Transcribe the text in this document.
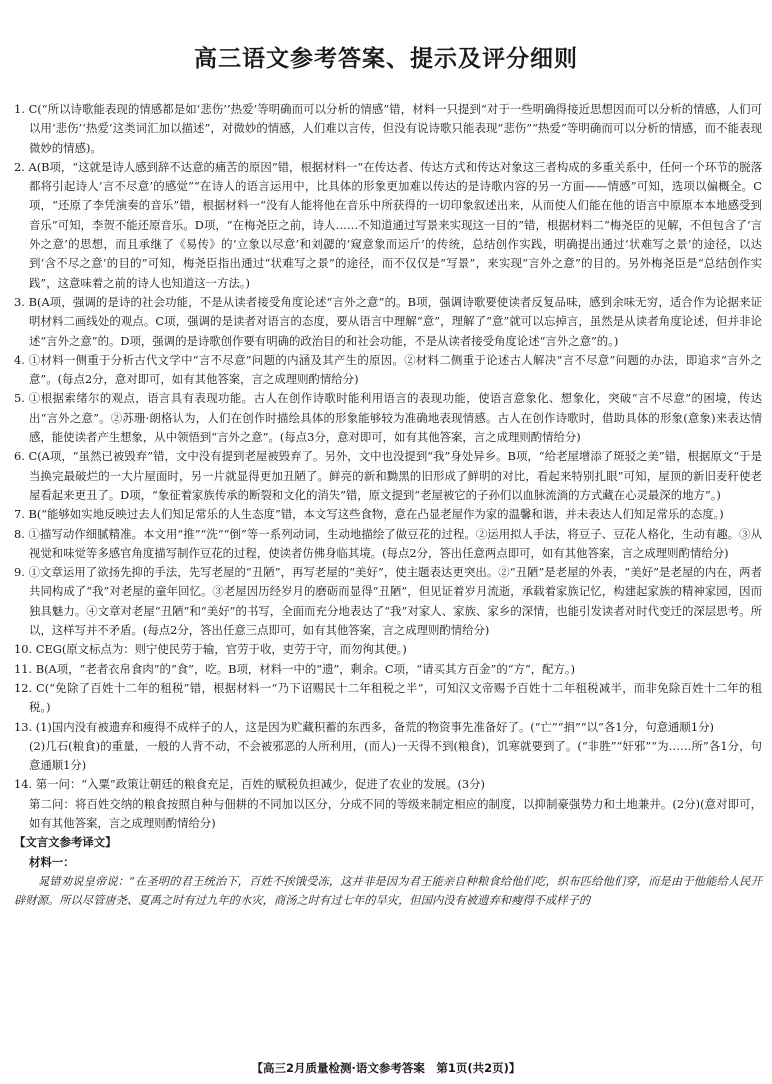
高三语文参考答案、提示及评分细则

1. C(“所以诗歌能表现的情感都是如‘悲伤’‘热爱’等明确而可以分析的情感”错，材料一只提到“对于一些明确得接近思想因而可以分析的情感，人们可以用‘悲伤’‘热爱’这类词汇加以描述”，对微妙的情感，人们难以言传，但没有说诗歌只能表现“悲伤”“热爱”等明确而可以分析的情感，而不能表现微妙的情感)。

2. A(B项，“这就是诗人感到辞不达意的痛苦的原因”错，根据材料一“在传达者、传达方式和传达对象这三者构成的多重关系中，任何一个环节的脱落都将引起诗人‘言不尽意’的感觉”“在诗人的语言运用中，比具体的形象更加难以传达的是诗歌内容的另一方面——情感”可知，选项以偏概全。C项，“还原了李凭演奏的音乐”错，根据材料一“没有人能将他在音乐中所获得的一切印象叙述出来，从而使人们能在他的语言中原原本本地感受到音乐”可知，李贺不能还原音乐。D项，“在梅尧臣之前，诗人……不知道通过写景来实现这一目的”错，根据材料二“梅尧臣的见解，不但包含了‘言外之意’的思想，而且承继了《易传》的‘立象以尽意’和刘勰的‘窥意象而运斤’的传统，总结创作实践，明确提出通过‘状难写之景’的途径，以达到‘含不尽之意’的目的”可知，梅尧臣指出通过“状难写之景”的途径，而不仅仅是“写景”，来实现“言外之意”的目的。另外梅尧臣是“总结创作实践”，这意味着之前的诗人也知道这一方法。)

3. B(A项，强调的是诗的社会功能，不是从读者接受角度论述“言外之意”的。B项，强调诗歌要使读者反复品味，感到余味无穷，适合作为论据来证明材料二画线处的观点。C项，强调的是读者对语言的态度，要从语言中理解“意”，理解了“意”就可以忘掉言，虽然是从读者角度论述，但并非论述“言外之意”的。D项，强调的是诗歌创作要有明确的政治目的和社会功能，不是从读者接受角度论述“言外之意”的。)

4. ①材料一侧重于分析古代文学中“言不尽意”问题的内涵及其产生的原因。②材料二侧重于论述古人解决“言不尽意”问题的办法，即追求“言外之意”。(每点2分，意对即可，如有其他答案，言之成理则酌情给分)

5. ①根据索绪尔的观点，语言具有表现功能。古人在创作诗歌时能利用语言的表现功能，使语言意象化、想象化，突破“言不尽意”的困境，传达出“言外之意”。②苏珊·朗格认为，人们在创作时描绘具体的形象能够较为准确地表现情感。古人在创作诗歌时，借助具体的形象(意象)来表达情感，能使读者产生想象，从中领悟到“言外之意”。(每点3分，意对即可，如有其他答案，言之成理则酌情给分)

6. C(A项，“虽然已被毁弃”错，文中没有提到老屋被毁弃了。另外，文中也没提到“我”身处异乡。B项，“给老屋增添了斑驳之美”错，根据原文“于是当换完最破烂的一大片屋面时，另一片就显得更加丑陋了。鲜亮的新和黝黑的旧形成了鲜明的对比，看起来特别扎眼”可知，屋顶的新旧麦秆使老屋看起来更丑了。D项，“象征着家族传承的断裂和文化的消失”错，原文提到“老屋被它的子孙们以血脉流淌的方式藏在心灵最深的地方”。)

7. B(“能够如实地反映过去人们知足常乐的人生态度”错，本文写这些食物，意在凸显老屋作为家的温馨和谐，并未表达人们知足常乐的态度。)

8. ①描写动作细腻精准。本文用“推”“洗”“倒”等一系列动词，生动地描绘了做豆花的过程。②运用拟人手法，将豆子、豆花人格化，生动有趣。③从视觉和味觉等多感官角度描写制作豆花的过程，使读者仿佛身临其境。(每点2分，答出任意两点即可，如有其他答案，言之成理则酌情给分)

9. ①文章运用了欲扬先抑的手法，先写老屋的“丑陋”，再写老屋的“美好”，使主题表达更突出。②“丑陋”是老屋的外表，“美好”是老屋的内在，两者共同构成了“我”对老屋的童年回忆。③老屋因历经岁月的磨砺而显得“丑陋”，但见证着岁月流逝，承载着家族记忆，构建起家族的精神家园，因而独具魅力。④文章对老屋“丑陋”和“美好”的书写，全面而充分地表达了“我”对家人、家族、家乡的深情，也能引发读者对时代变迁的深层思考。所以，这样写并不矛盾。(每点2分，答出任意三点即可，如有其他答案，言之成理则酌情给分)

10. CEG(原文标点为：则宁使民劳于输，官劳于收，吏劳于守，而勿徇其便。)

11. B(A项，“老者衣帛食肉”的“食”，吃。B项，材料一中的“遗”，剩余。C项，“请买其方百金”的“方”，配方。)

12. C(“免除了百姓十二年的租税”错，根据材料一“乃下诏赐民十二年租税之半”，可知汉文帝赐予百姓十二年租税减半，而非免除百姓十二年的租税。)

13. (1)国内没有被遗弃和瘦得不成样子的人，这是因为贮藏积蓄的东西多，备荒的物资事先准备好了。(“亡”“捐”“以”各1分，句意通顺1分)

(2)几石(粮食)的重量，一般的人背不动，不会被邪恶的人所利用，(而人)一天得不到(粮食)，饥寒就要到了。(“非胜”“奸邪”“为……所”各1分，句意通顺1分)

14. 第一问：“入粟”政策让朝廷的粮食充足，百姓的赋税负担减少，促进了农业的发展。(3分)

第二问：将百姓交纳的粮食按照自种与佃耕的不同加以区分，分成不同的等级来制定相应的制度，以抑制豪强势力和土地兼并。(2分)(意对即可，如有其他答案，言之成理则酌情给分)

【文言文参考译文】

材料一：

晁错劝说皇帝说：“在圣明的君王统治下，百姓不挨饿受冻，这并非是因为君王能亲自种粮食给他们吃，织布匹给他们穿，而是由于他能给人民开辟财源。所以尽管唐尧、夏禹之时有过九年的水灾，商汤之时有过七年的旱灾，但国内没有被遗弃和瘦得不成样子的

【高三2月质量检测·语文参考答案　第1页(共2页)】
